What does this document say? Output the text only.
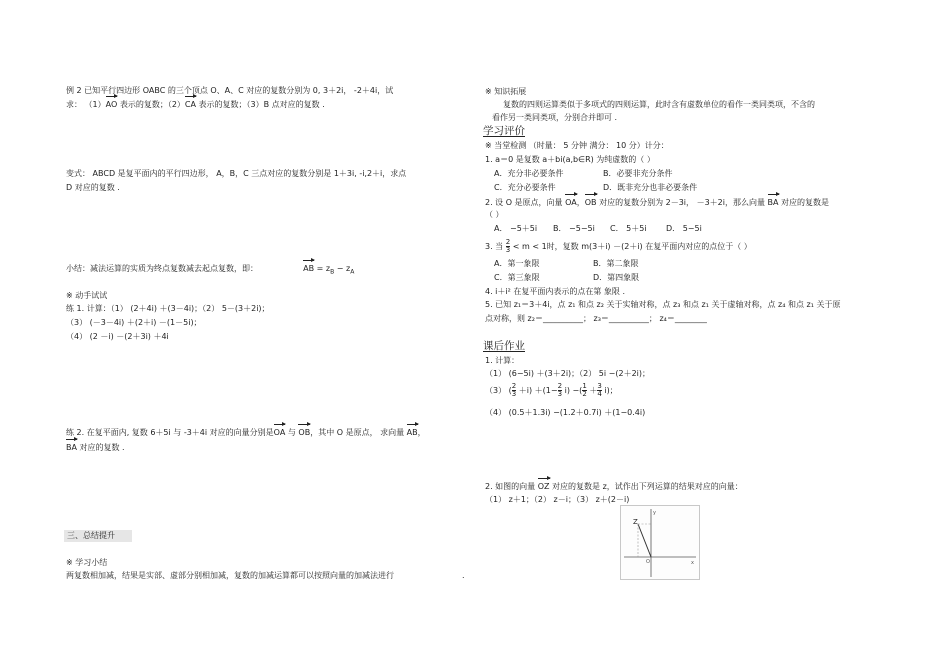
例 2 已知平行四边形 OABC 的三个顶点 O、A、C 对应的复数分别为 0, 3＋2i， -2＋4i，试
求： （1）AO 表示的复数；（2）CA 表示的复数；（3）B 点对应的复数 .
变式： ABCD 是复平面内的平行四边形， A，B，C 三点对应的复数分别是 1＋3i, -i,2＋i，求点
D 对应的复数 .
小结：减法运算的实质为终点复数减去起点复数，即：	AB = $z_B - z_A$
※ 动手试试
练 1. 计算：（1） (2＋4i) ＋(3－4i)；（2） 5－(3＋2i)；
（3） (－3－4i) ＋(2＋i) －(1－5i)；
（4） (2 －i) －(2＋3i) ＋4i
练 2. 在复平面内, 复数 6＋5i 与 -3＋4i 对应的向量分别是OA 与 OB，其中 O 是原点， 求向量 AB，
BA 对应的复数 .
三、总结提升
※ 学习小结
两复数相加减，结果是实部、虚部分别相加减，复数的加减运算都可以按照向量的加减法进行	.
※ 知识拓展
复数的四则运算类似于多项式的四则运算，此时含有虚数单位的看作一类同类项，不含的
看作另一类同类项，分别合并即可 .
学习评价
※ 当堂检测 （时量： 5 分钟 满分： 10 分）计分：
1. a＝0 是复数 a＋bi(a,b∈R) 为纯虚数的（ ）
A．充分非必要条件	B．必要非充分条件
C．充分必要条件	D．既非充分也非必要条件
2. 设 O 是原点，向量 OA，OB 对应的复数分别为 2－3i， －3＋2i，那么向量 BA 对应的复数是
（ ）
A． −5＋5i B． −5−5i C． 5＋5i D． 5−5i
3. 当 $\frac{2}{3} < m < 1$时，复数 m(3＋i) －(2＋i) 在复平面内对应的点位于（ ）
A．第一象限	B．第二象限
C．第三象限	D．第四象限
4. i＋i² 在复平面内表示的点在第 象限 .
5. 已知 z₁＝3＋4i，点 z₁ 和点 z₂ 关于实轴对称，点 z₃ 和点 z₁ 关于虚轴对称，点 z₄ 和点 z₁ 关于原
点对称，则 z₂＝__________； z₃＝__________； z₄＝________
课后作业
1. 计算：
（1） (6−5i) ＋(3＋2i)；（2） 5i −(2＋2i)；
（3） ( $\frac{2}{3} +i) +(1- \frac{2}{3} i)$ −( $\frac{1}{2} + \frac{3}{4} i$)；
（4） (0.5＋1.3i) −(1.2＋0.7i) ＋(1−0.4i)
2. 如图的向量 OZ 对应的复数是 z，试作出下列运算的结果对应的向量：
（1） z＋1；（2） z－i；（3） z＋(2－i)
Z
y
x
O
